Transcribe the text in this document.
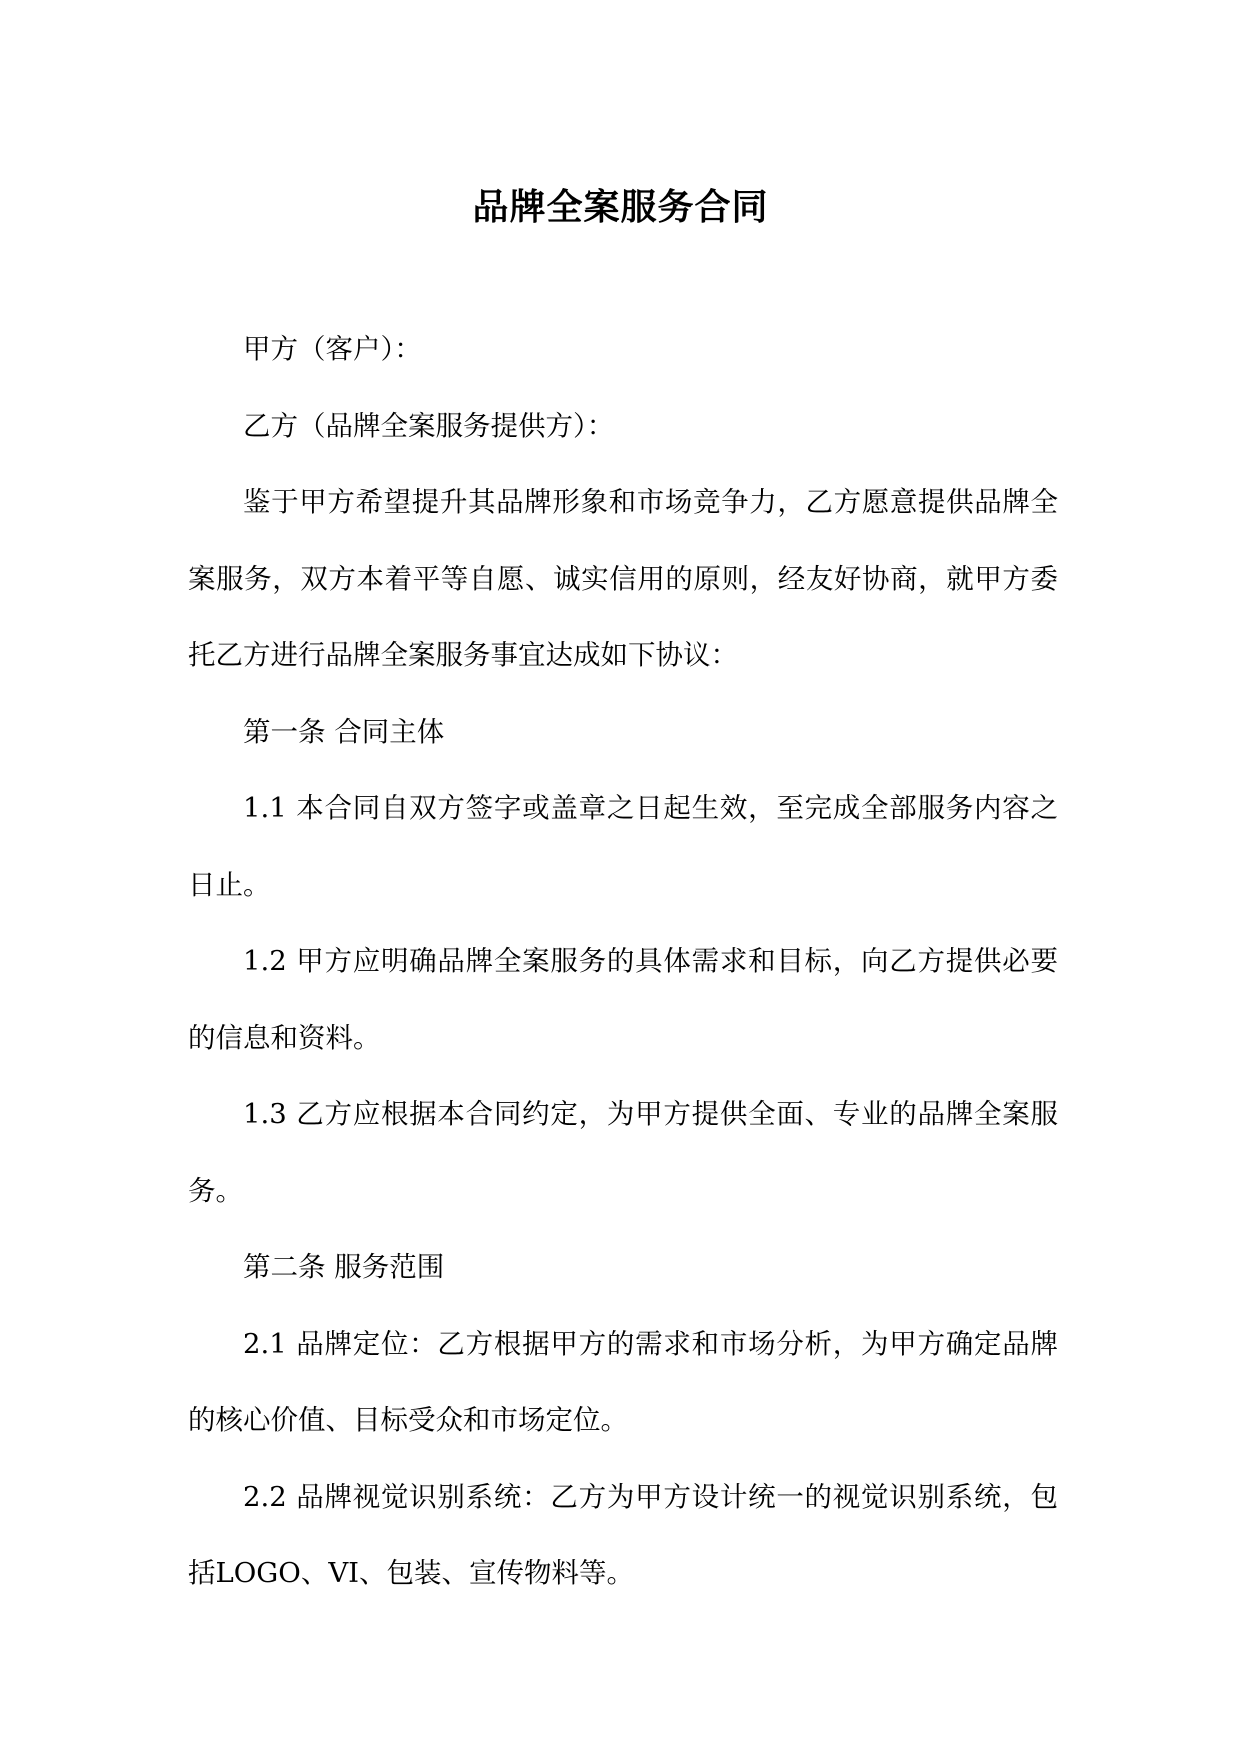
品牌全案服务合同

甲方（客户）：

乙方（品牌全案服务提供方）：

鉴于甲方希望提升其品牌形象和市场竞争力，乙方愿意提供品牌全案服务，双方本着平等自愿、诚实信用的原则，经友好协商，就甲方委托乙方进行品牌全案服务事宜达成如下协议：

第一条 合同主体

1.1 本合同自双方签字或盖章之日起生效，至完成全部服务内容之日止。

1.2 甲方应明确品牌全案服务的具体需求和目标，向乙方提供必要的信息和资料。

1.3 乙方应根据本合同约定，为甲方提供全面、专业的品牌全案服务。

第二条 服务范围

2.1 品牌定位：乙方根据甲方的需求和市场分析，为甲方确定品牌的核心价值、目标受众和市场定位。

2.2 品牌视觉识别系统：乙方为甲方设计统一的视觉识别系统，包括LOGO、VI、包装、宣传物料等。
